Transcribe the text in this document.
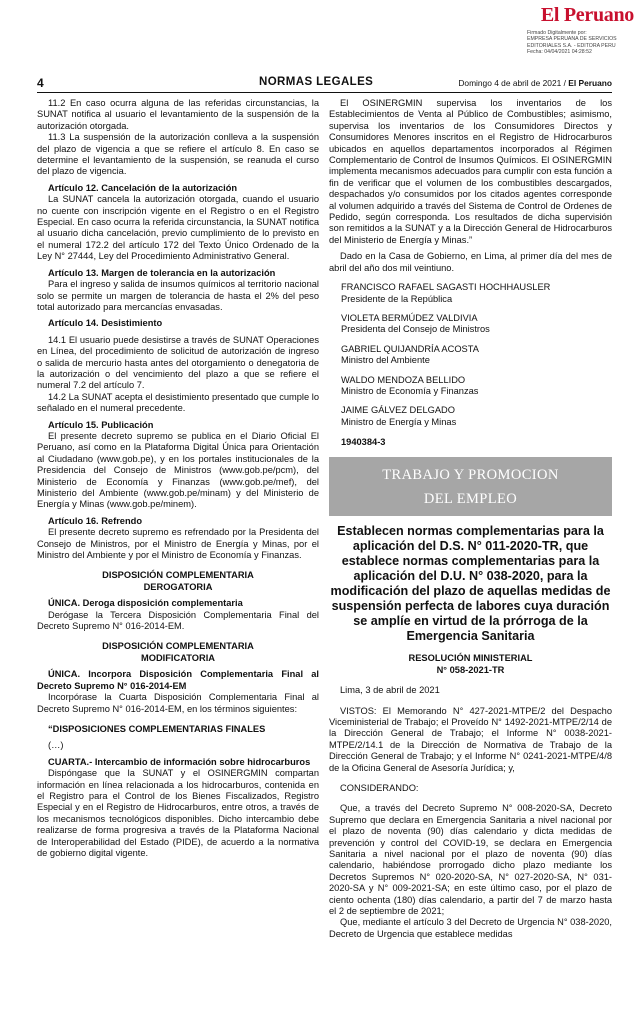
El Peruano
Firmado Digitalmente por:
EMPRESA PERUANA DE SERVICIOS
EDITORIALES S.A. - EDITORA PERU
Fecha: 04/04/2021 04:28:52
4	NORMAS LEGALES	Domingo 4 de abril de 2021 / El Peruano

11.2 En caso ocurra alguna de las referidas circunstancias, la SUNAT notifica al usuario el levantamiento de la suspensión de la autorización otorgada.

11.3 La suspensión de la autorización conlleva a la suspensión del plazo de vigencia a que se refiere el artículo 8. En caso se determine el levantamiento de la suspensión, se reanuda el curso del plazo de vigencia.

Artículo 12. Cancelación de la autorización

La SUNAT cancela la autorización otorgada, cuando el usuario no cuente con inscripción vigente en el Registro o en el Registro Especial. En caso ocurra la referida circunstancia, la SUNAT notifica al usuario dicha cancelación, previo cumplimiento de lo previsto en el numeral 172.2 del artículo 172 del Texto Único Ordenado de la Ley N° 27444, Ley del Procedimiento Administrativo General.

Artículo 13. Margen de tolerancia en la autorización

Para el ingreso y salida de insumos químicos al territorio nacional solo se permite un margen de tolerancia de hasta el 2% del peso total autorizado para mercancías envasadas.

Artículo 14. Desistimiento

14.1 El usuario puede desistirse a través de SUNAT Operaciones en Línea, del procedimiento de solicitud de autorización de ingreso o salida de mercurio hasta antes del otorgamiento o denegatoria de la autorización o del vencimiento del plazo a que se refiere el numeral 7.2 del artículo 7.

14.2 La SUNAT acepta el desistimiento presentado que cumple lo señalado en el numeral precedente.

Artículo 15. Publicación

El presente decreto supremo se publica en el Diario Oficial El Peruano, así como en la Plataforma Digital Única para Orientación al Ciudadano (www.gob.pe), y en los portales institucionales de la Presidencia del Consejo de Ministros (www.gob.pe/pcm), del Ministerio de Economía y Finanzas (www.gob.pe/mef), del Ministerio del Ambiente (www.gob.pe/minam) y del Ministerio de Energía y Minas (www.gob.pe/minem).

Artículo 16. Refrendo

El presente decreto supremo es refrendado por la Presidenta del Consejo de Ministros, por el Ministro de Energía y Minas, por el Ministro del Ambiente y por el Ministro de Economía y Finanzas.

DISPOSICIÓN COMPLEMENTARIA
DEROGATORIA

ÚNICA. Deroga disposición complementaria

Derógase la Tercera Disposición Complementaria Final del Decreto Supremo N° 016-2014-EM.

DISPOSICIÓN COMPLEMENTARIA
MODIFICATORIA

ÚNICA. Incorpora Disposición Complementaria Final al Decreto Supremo N° 016-2014-EM

Incorpórase la Cuarta Disposición Complementaria Final al Decreto Supremo N° 016-2014-EM, en los términos siguientes:

“DISPOSICIONES COMPLEMENTARIAS FINALES

(…)

CUARTA.- Intercambio de información sobre hidrocarburos

Dispóngase que la SUNAT y el OSINERGMIN compartan información en línea relacionada a los hidrocarburos, contenida en el Registro para el Control de los Bienes Fiscalizados, Registro Especial y en el Registro de Hidrocarburos, entre otros, a través de los mecanismos tecnológicos disponibles. Dicho intercambio debe realizarse de forma progresiva a través de la Plataforma Nacional de Interoperabilidad del Estado (PIDE), de acuerdo a la normativa de gobierno digital vigente.

El OSINERGMIN supervisa los inventarios de los Establecimientos de Venta al Público de Combustibles; asimismo, supervisa los inventarios de los Consumidores Directos y Consumidores Menores inscritos en el Registro de Hidrocarburos ubicados en aquellos departamentos incorporados al Régimen Complementario de Control de Insumos Químicos. El OSINERGMIN implementa mecanismos adecuados para cumplir con esta función a fin de verificar que el volumen de los combustibles descargados, despachados y/o consumidos por los citados agentes corresponde al volumen adquirido a través del Sistema de Control de Ordenes de Pedido, según corresponda. Los resultados de dicha supervisión son remitidos a la SUNAT y a la Dirección General de Hidrocarburos del Ministerio de Energía y Minas.”

Dado en la Casa de Gobierno, en Lima, al primer día del mes de abril del año dos mil veintiuno.

FRANCISCO RAFAEL SAGASTI HOCHHAUSLER

Presidente de la República

VIOLETA BERMÚDEZ VALDIVIA

Presidenta del Consejo de Ministros

GABRIEL QUIJANDRÍA ACOSTA

Ministro del Ambiente

WALDO MENDOZA BELLIDO

Ministro de Economía y Finanzas

JAIME GÁLVEZ DELGADO

Ministro de Energía y Minas

1940384-3

TRABAJO Y PROMOCION
DEL EMPLEO

Establecen normas complementarias para la aplicación del D.S. N° 011-2020-TR, que establece normas complementarias para la aplicación del D.U. N° 038-2020, para la modificación del plazo de aquellas medidas de suspensión perfecta de labores cuya duración se amplíe en virtud de la prórroga de la Emergencia Sanitaria

RESOLUCIÓN MINISTERIAL
N° 058-2021-TR

Lima, 3 de abril de 2021

VISTOS: El Memorando N° 427-2021-MTPE/2 del Despacho Viceministerial de Trabajo; el Proveído N° 1492-2021-MTPE/2/14 de la Dirección General de Trabajo; el Informe N° 0038-2021-MTPE/2/14.1 de la Dirección de Normativa de Trabajo de la Dirección General de Trabajo; y el Informe N° 0241-2021-MTPE/4/8 de la Oficina General de Asesoría Jurídica; y,

CONSIDERANDO:

Que, a través del Decreto Supremo N° 008-2020-SA, Decreto Supremo que declara en Emergencia Sanitaria a nivel nacional por el plazo de noventa (90) días calendario y dicta medidas de prevención y control del COVID-19, se declara en Emergencia Sanitaria a nivel nacional por el plazo de noventa (90) días calendario, habiéndose prorrogado dicho plazo mediante los Decretos Supremos N° 020-2020-SA, N° 027-2020-SA, N° 031-2020-SA y N° 009-2021-SA; en este último caso, por el plazo de ciento ochenta (180) días calendario, a partir del 7 de marzo hasta el 2 de septiembre de 2021;

Que, mediante el artículo 3 del Decreto de Urgencia N° 038-2020, Decreto de Urgencia que establece medidas
